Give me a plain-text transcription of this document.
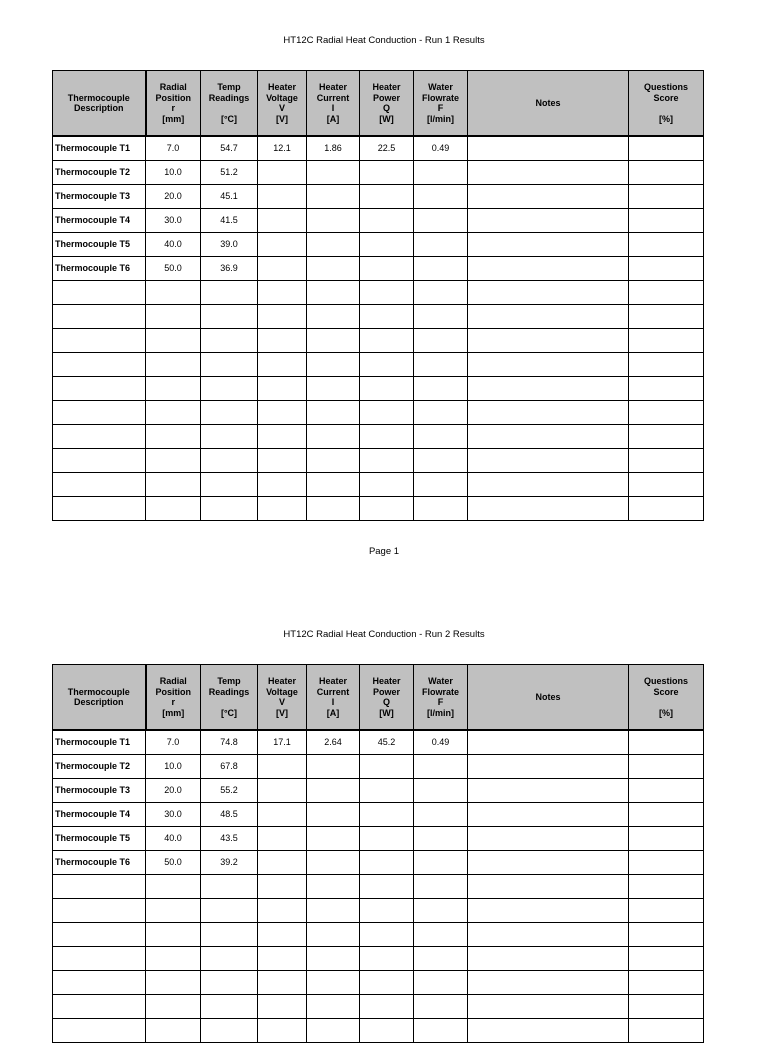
HT12C Radial Heat Conduction - Run 1 Results
Thermocouple
Description	Radial
Position
r
[mm]	Temp
Readings

[°C]	Heater
Voltage
V
[V]	Heater
Current
I
[A]	Heater
Power
Q
[W]	Water
Flowrate
F
[l/min]	Notes	Questions
Score

[%]

Thermocouple T1	7.0	54.7	12.1	1.86	22.5	0.49		
Thermocouple T2	10.0	51.2						
Thermocouple T3	20.0	45.1						
Thermocouple T4	30.0	41.5						
Thermocouple T5	40.0	39.0						
Thermocouple T6	50.0	36.9						

Page 1
HT12C Radial Heat Conduction - Run 2 Results
Thermocouple
Description	Radial
Position
r
[mm]	Temp
Readings

[°C]	Heater
Voltage
V
[V]	Heater
Current
I
[A]	Heater
Power
Q
[W]	Water
Flowrate
F
[l/min]	Notes	Questions
Score

[%]

Thermocouple T1	7.0	74.8	17.1	2.64	45.2	0.49		
Thermocouple T2	10.0	67.8						
Thermocouple T3	20.0	55.2						
Thermocouple T4	30.0	48.5						
Thermocouple T5	40.0	43.5						
Thermocouple T6	50.0	39.2						
